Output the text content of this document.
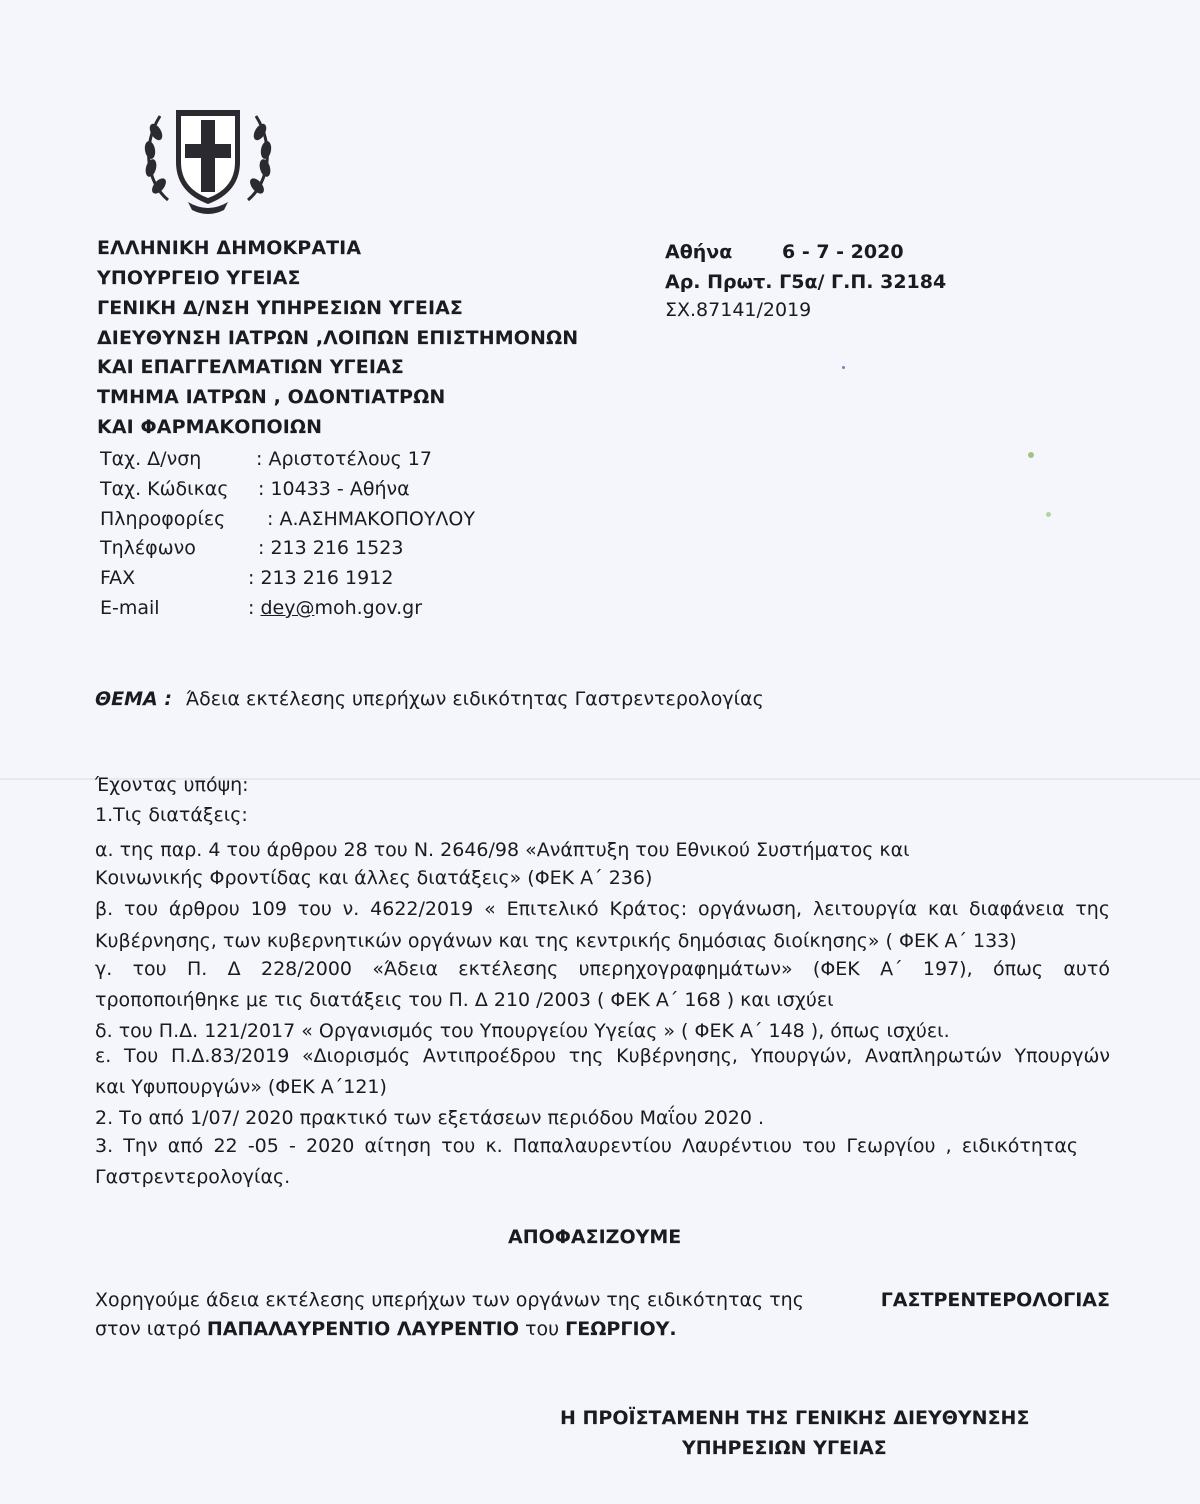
ΕΛΛΗΝΙΚΗ ΔΗΜΟΚΡΑΤΙΑ
ΥΠΟΥΡΓΕΙΟ ΥΓΕΙΑΣ
ΓΕΝΙΚΗ Δ/ΝΣΗ ΥΠΗΡΕΣΙΩΝ ΥΓΕΙΑΣ
ΔΙΕΥΘΥΝΣΗ ΙΑΤΡΩΝ ,ΛΟΙΠΩΝ ΕΠΙΣΤΗΜΟΝΩΝ
ΚΑΙ ΕΠΑΓΓΕΛΜΑΤΙΩΝ ΥΓΕΙΑΣ
ΤΜΗΜΑ ΙΑΤΡΩΝ , ΟΔΟΝΤΙΑΤΡΩΝ
ΚΑΙ ΦΑΡΜΑΚΟΠΟΙΩΝ
Ταχ. Δ/νση	: Αριστοτέλους 17
Ταχ. Κώδικας : 10433 - Αθήνα
Πληροφορίες : Α.ΑΣΗΜΑΚΟΠΟΥΛΟΥ
Τηλέφωνο	: 213 216 1523
FAX	: 213 216 1912
E-mail	: dey@moh.gov.gr
Αθήνα	6 - 7 - 2020
Αρ. Πρωτ. Γ5α/ Γ.Π. 32184
ΣΧ.87141/2019
ΘΕΜΑ : Άδεια εκτέλεσης υπερήχων ειδικότητας Γαστρεντερολογίας
Έχοντας υπόψη:
1.Τις διατάξεις:
α. της παρ. 4 του άρθρου 28 του Ν. 2646/98 «Ανάπτυξη του Εθνικού Συστήματος και
Κοινωνικής Φροντίδας και άλλες διατάξεις» (ΦΕΚ Α΄ 236)
β. του άρθρου 109 του ν. 4622/2019 « Επιτελικό Κράτος: οργάνωση, λειτουργία και διαφάνεια της
Κυβέρνησης, των κυβερνητικών οργάνων και της κεντρικής δημόσιας διοίκησης» ( ΦΕΚ Α΄ 133)
γ. του Π. Δ 228/2000 «Άδεια εκτέλεσης υπερηχογραφημάτων» (ΦΕΚ Α΄ 197), όπως αυτό
τροποποιήθηκε με τις διατάξεις του Π. Δ 210 /2003 ( ΦΕΚ Α΄ 168 ) και ισχύει
δ. του Π.Δ. 121/2017 « Οργανισμός του Υπουργείου Υγείας » ( ΦΕΚ Α΄ 148 ), όπως ισχύει.
ε. Του Π.Δ.83/2019 «Διορισμός Αντιπροέδρου της Κυβέρνησης, Υπουργών, Αναπληρωτών Υπουργών
και Υφυπουργών» (ΦΕΚ Α΄121)
2. Το από 1/07/ 2020 πρακτικό των εξετάσεων περιόδου Μαΐου 2020 .
3. Την από 22 -05 - 2020 αίτηση του κ. Παπαλαυρεντίου Λαυρέντιου του Γεωργίου , ειδικότητας
Γαστρεντερολογίας.
ΑΠΟΦΑΣΙΖΟΥΜΕ
Χορηγούμε άδεια εκτέλεσης υπερήχων των οργάνων της ειδικότητας της	ΓΑΣΤΡΕΝΤΕΡΟΛΟΓΙΑΣ
στον ιατρό ΠΑΠΑΛΑΥΡΕΝΤΙΟ ΛΑΥΡΕΝΤΙΟ του ΓΕΩΡΓΙΟΥ.
Η ΠΡΟΪΣΤΑΜΕΝΗ ΤΗΣ ΓΕΝΙΚΗΣ ΔΙΕΥΘΥΝΣΗΣ
ΥΠΗΡΕΣΙΩΝ ΥΓΕΙΑΣ
